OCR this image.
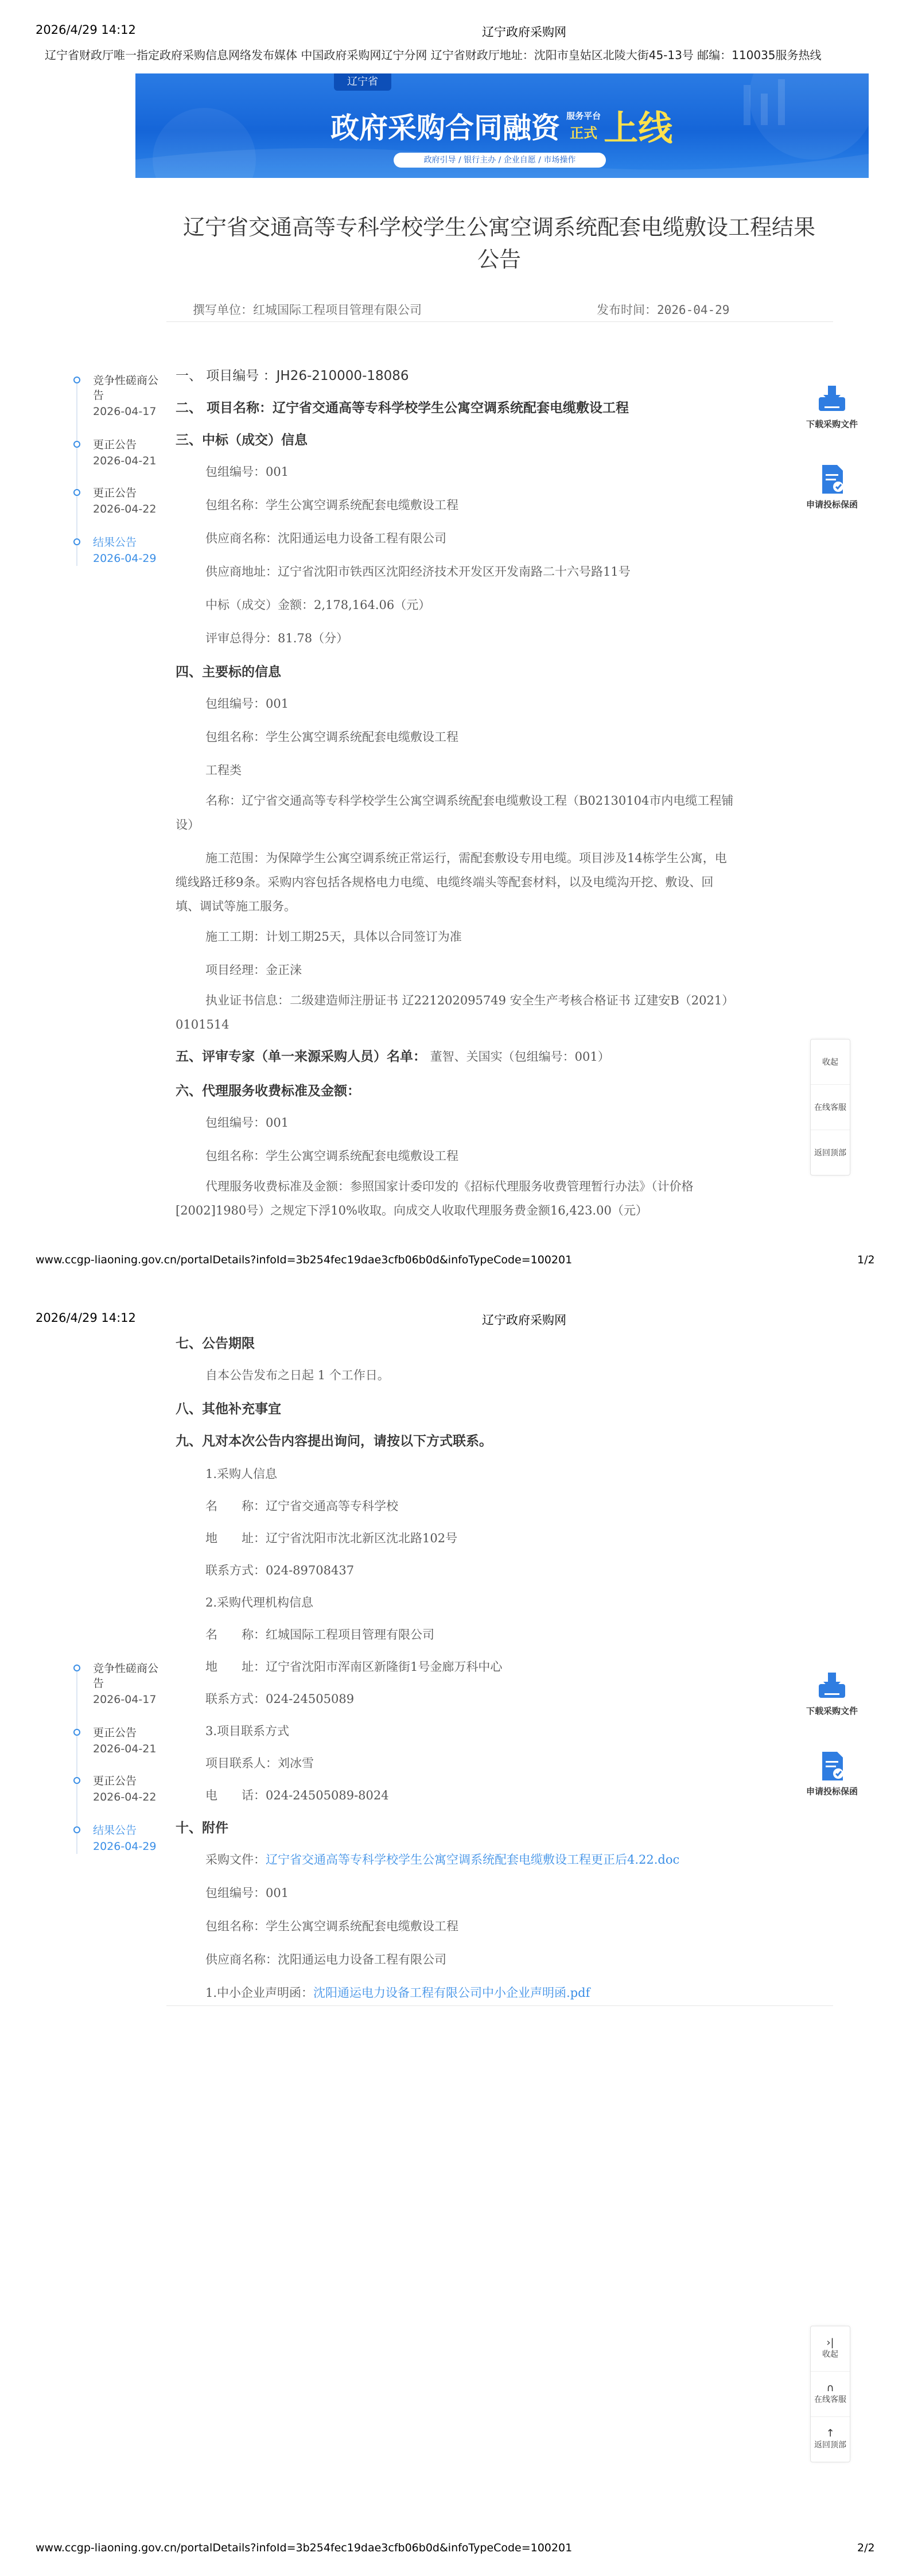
2026/4/29 14:12	辽宁政府采购网
辽宁省财政厅唯一指定政府采购信息网络发布媒体 中国政府采购网辽宁分网 辽宁省财政厅地址：沈阳市皇姑区北陵大街45-13号 邮编：110035服务热线
辽宁省
政府采购合同融资 服务平台
正式 上线
政府引导 / 银行主办 / 企业自愿 / 市场操作
竞争性磋商公
告
2026-04-17
更正公告
2026-04-21
更正公告
2026-04-22
结果公告
2026-04-29
辽宁省交通高等专科学校学生公寓空调系统配套电缆敷设工程结果
公告
撰写单位：红城国际工程项目管理有限公司	发布时间：2026-04-29
下载采购文件
申请投标保函
一、 项目编号 ：JH26-210000-18086
二、 项目名称：辽宁省交通高等专科学校学生公寓空调系统配套电缆敷设工程
三、中标（成交）信息
包组编号：001
包组名称：学生公寓空调系统配套电缆敷设工程
供应商名称：沈阳通运电力设备工程有限公司
供应商地址：辽宁省沈阳市铁西区沈阳经济技术开发区开发南路二十六号路11号
中标（成交）金额：2,178,164.06（元）
评审总得分：81.78（分）
四、主要标的信息
包组编号：001
包组名称：学生公寓空调系统配套电缆敷设工程
工程类
名称：辽宁省交通高等专科学校学生公寓空调系统配套电缆敷设工程（B02130104市内电缆工程铺
设）
施工范围：为保障学生公寓空调系统正常运行，需配套敷设专用电缆。项目涉及14栋学生公寓，电
缆线路迁移9条。采购内容包括各规格电力电缆、电缆终端头等配套材料，以及电缆沟开挖、敷设、回
填、调试等施工服务。
施工工期：计划工期25天，具体以合同签订为准
项目经理：金正涞
执业证书信息：二级建造师注册证书 辽221202095749 安全生产考核合格证书 辽建安B（2021）
0101514
五、评审专家（单一来源采购人员）名单： 董智、关国实（包组编号：001）
六、代理服务收费标准及金额：
包组编号：001
包组名称：学生公寓空调系统配套电缆敷设工程
代理服务收费标准及金额：参照国家计委印发的《招标代理服务收费管理暂行办法》（计价格
[2002]1980号）之规定下浮10%收取。向成交人收取代理服务费金额16,423.00（元）
收起
在线客服
返回顶部
www.ccgp-liaoning.gov.cn/portalDetails?infoId=3b254fec19dae3cfb06b0d&infoTypeCode=100201	1/2
2026/4/29 14:12	辽宁政府采购网
七、公告期限
自本公告发布之日起 1 个工作日。
八、其他补充事宜
九、凡对本次公告内容提出询问，请按以下方式联系。
1.采购人信息
名　　称：辽宁省交通高等专科学校
地　　址：辽宁省沈阳市沈北新区沈北路102号
联系方式：024-89708437
2.采购代理机构信息
名　　称：红城国际工程项目管理有限公司
地　　址：辽宁省沈阳市浑南区新隆街1号金廊万科中心
联系方式：024-24505089
3.项目联系方式
项目联系人：刘冰雪
电　　话：024-24505089-8024
十、附件
采购文件：辽宁省交通高等专科学校学生公寓空调系统配套电缆敷设工程更正后4.22.doc
包组编号：001
包组名称：学生公寓空调系统配套电缆敷设工程
供应商名称：沈阳通运电力设备工程有限公司
1.中小企业声明函：沈阳通运电力设备工程有限公司中小企业声明函.pdf
竞争性磋商公
告
2026-04-17
更正公告
2026-04-21
更正公告
2026-04-22
结果公告
2026-04-29
下载采购文件
申请投标保函
›|
收起
∩
在线客服
↑
返回顶部
www.ccgp-liaoning.gov.cn/portalDetails?infoId=3b254fec19dae3cfb06b0d&infoTypeCode=100201	2/2
